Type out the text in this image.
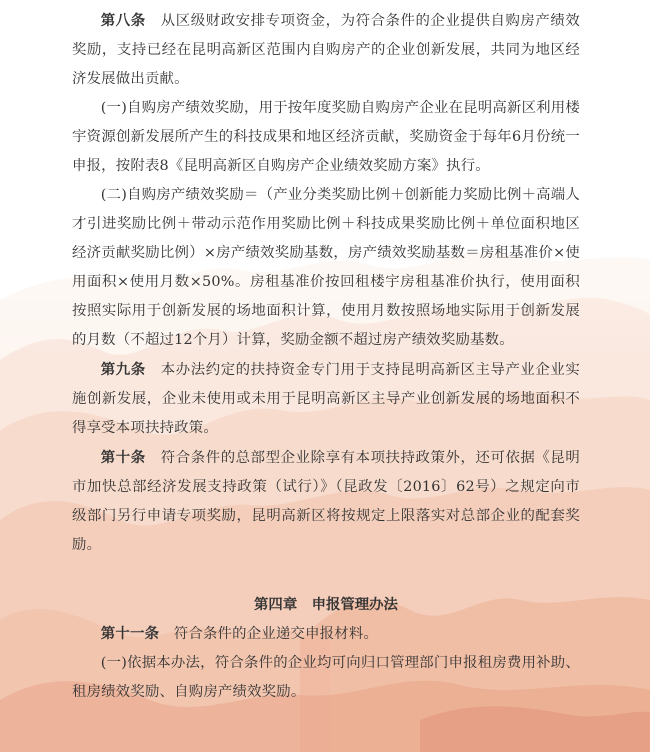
第八条　从区级财政安排专项资金，为符合条件的企业提供自购房产绩效奖励，支持已经在昆明高新区范围内自购房产的企业创新发展，共同为地区经济发展做出贡献。

(一)自购房产绩效奖励，用于按年度奖励自购房产企业在昆明高新区利用楼宇资源创新发展所产生的科技成果和地区经济贡献，奖励资金于每年6月份统一申报，按附表8《昆明高新区自购房产企业绩效奖励方案》执行。

(二)自购房产绩效奖励＝（产业分类奖励比例＋创新能力奖励比例＋高端人才引进奖励比例＋带动示范作用奖励比例＋科技成果奖励比例＋单位面积地区经济贡献奖励比例）×房产绩效奖励基数，房产绩效奖励基数＝房租基准价×使用面积×使用月数×50%。房租基准价按回租楼宇房租基准价执行，使用面积按照实际用于创新发展的场地面积计算，使用月数按照场地实际用于创新发展的月数（不超过12个月）计算，奖励金额不超过房产绩效奖励基数。

第九条　本办法约定的扶持资金专门用于支持昆明高新区主导产业企业实施创新发展，企业未使用或未用于昆明高新区主导产业创新发展的场地面积不得享受本项扶持政策。

第十条　符合条件的总部型企业除享有本项扶持政策外，还可依据《昆明市加快总部经济发展支持政策（试行）》（昆政发〔2016〕62号）之规定向市级部门另行申请专项奖励，昆明高新区将按规定上限落实对总部企业的配套奖励。

第四章　申报管理办法

第十一条　符合条件的企业递交申报材料。

(一)依据本办法，符合条件的企业均可向归口管理部门申报租房费用补助、租房绩效奖励、自购房产绩效奖励。
